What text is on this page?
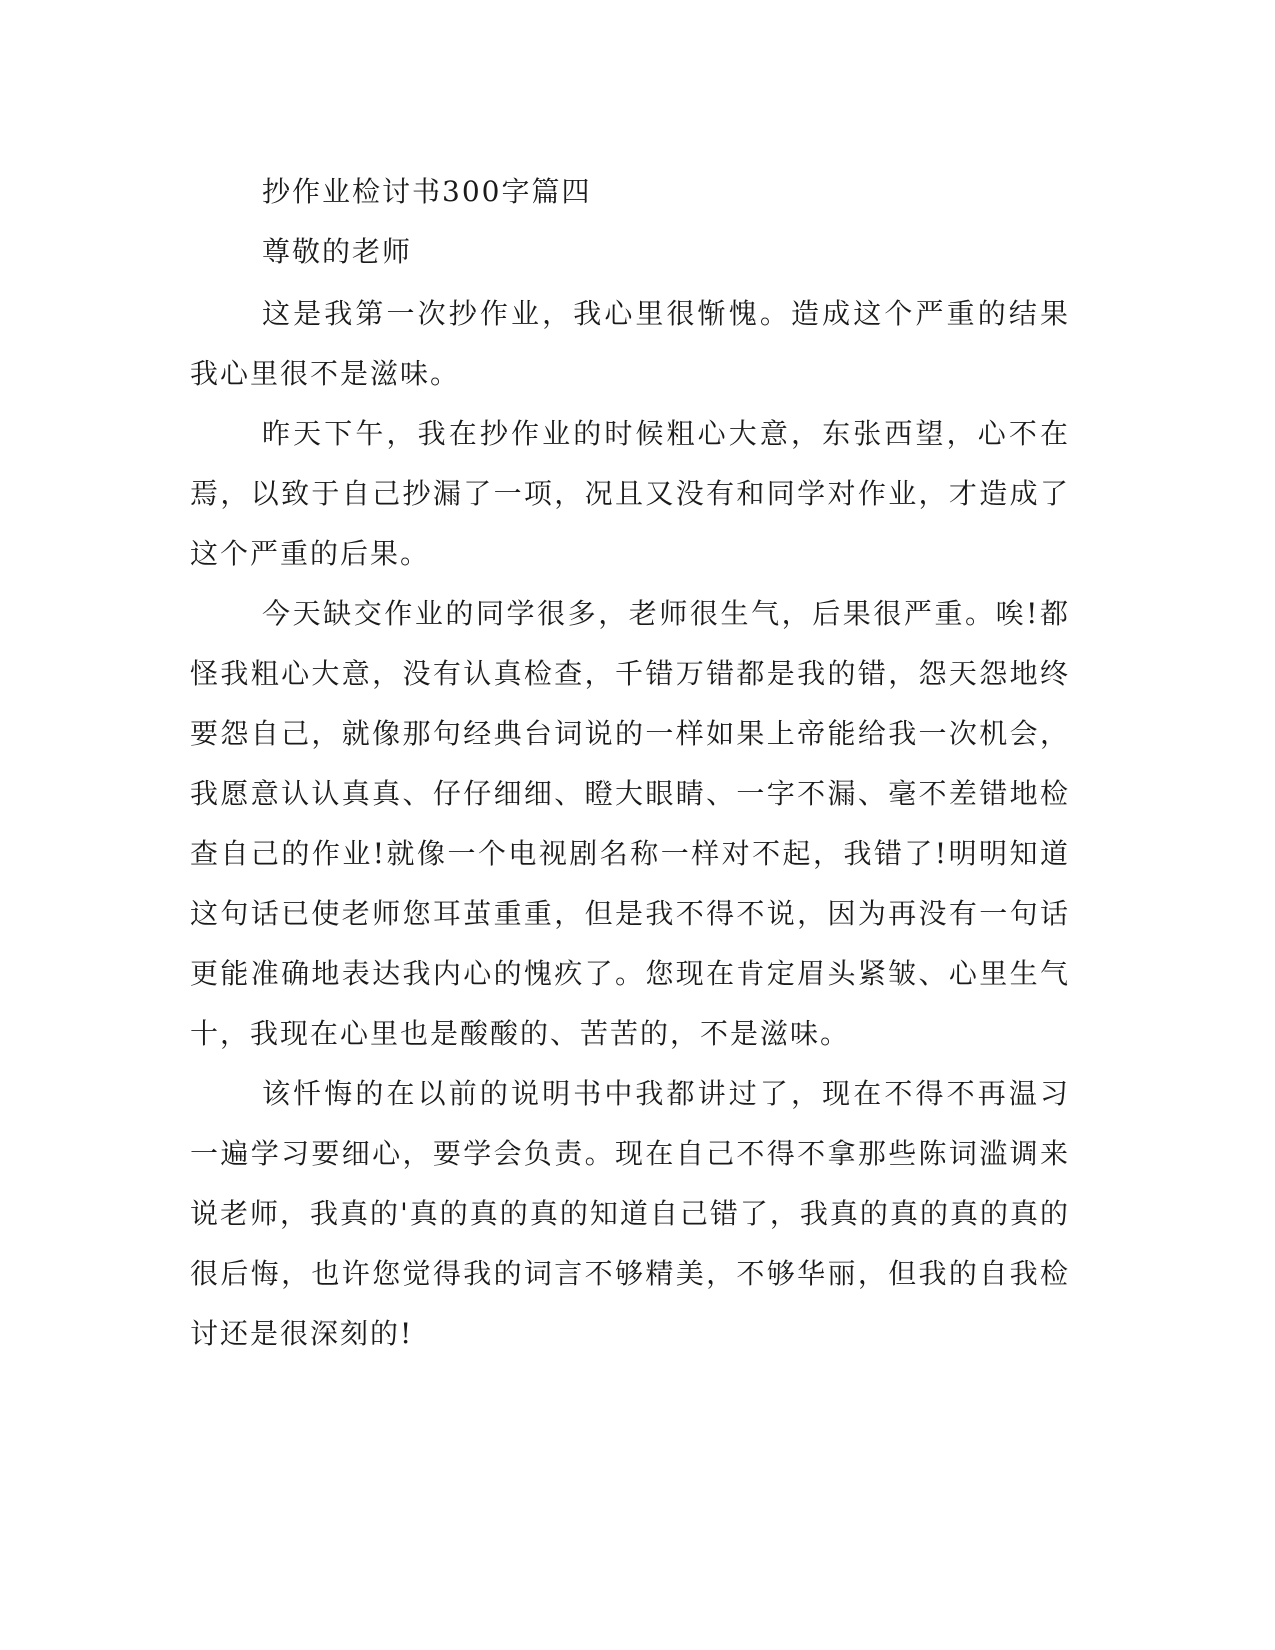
抄作业检讨书300字篇四

尊敬的老师

这是我第一次抄作业，我心里很惭愧。造成这个严重的结果我心里很不是滋味。

昨天下午，我在抄作业的时候粗心大意，东张西望，心不在焉，以致于自己抄漏了一项，况且又没有和同学对作业，才造成了这个严重的后果。

今天缺交作业的同学很多，老师很生气，后果很严重。唉!都怪我粗心大意，没有认真检查，千错万错都是我的错，怨天怨地终要怨自己，就像那句经典台词说的一样如果上帝能给我一次机会，我愿意认认真真、仔仔细细、瞪大眼睛、一字不漏、毫不差错地检查自己的作业!就像一个电视剧名称一样对不起，我错了!明明知道这句话已使老师您耳茧重重，但是我不得不说，因为再没有一句话更能准确地表达我内心的愧疚了。您现在肯定眉头紧皱、心里生气十，我现在心里也是酸酸的、苦苦的，不是滋味。

该忏悔的在以前的说明书中我都讲过了，现在不得不再温习一遍学习要细心，要学会负责。现在自己不得不拿那些陈词滥调来说老师，我真的'真的真的真的知道自己错了，我真的真的真的真的很后悔，也许您觉得我的词言不够精美，不够华丽，但我的自我检讨还是很深刻的!
